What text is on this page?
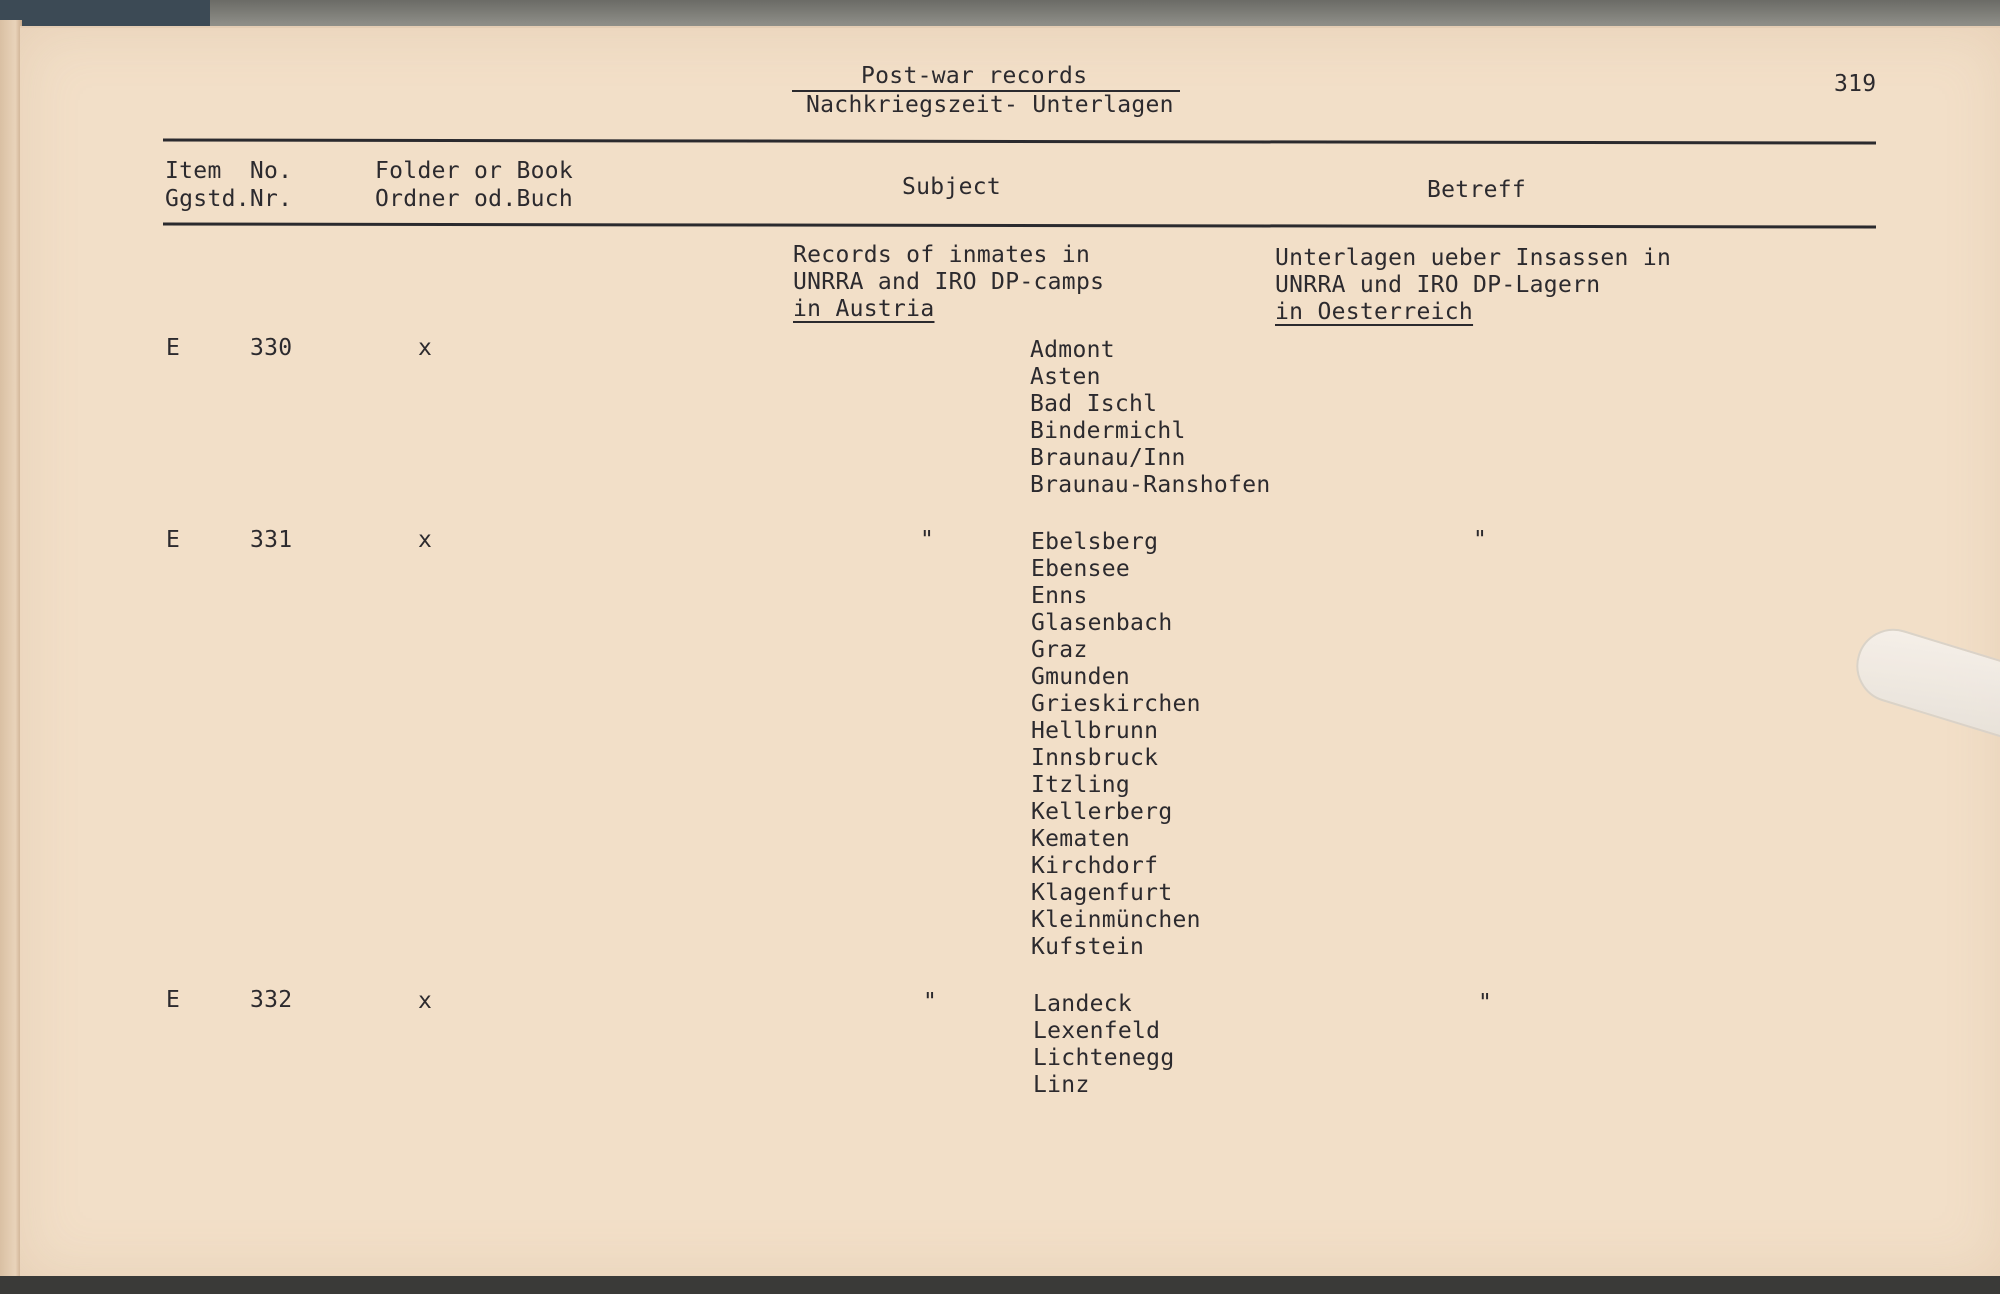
Post-war records
Nachkriegszeit- Unterlagen
319
Item  No.
Ggstd.Nr.
Folder or Book
Ordner od.Buch	Subject	Betreff
Records of inmates in
UNRRA and IRO DP-camps
in Austria
Unterlagen ueber Insassen in
UNRRA und IRO DP-Lagern
in Oesterreich
E	330	x	Admont
Asten
Bad Ischl
Bindermichl
Braunau/Inn
Braunau-Ranshofen
E	331	x	"	"
Ebelsberg
Ebensee
Enns
Glasenbach
Graz
Gmunden
Grieskirchen
Hellbrunn
Innsbruck
Itzling
Kellerberg
Kematen
Kirchdorf
Klagenfurt
Kleinmünchen
Kufstein
E	332	x	"	"
Landeck
Lexenfeld
Lichtenegg
Linz
